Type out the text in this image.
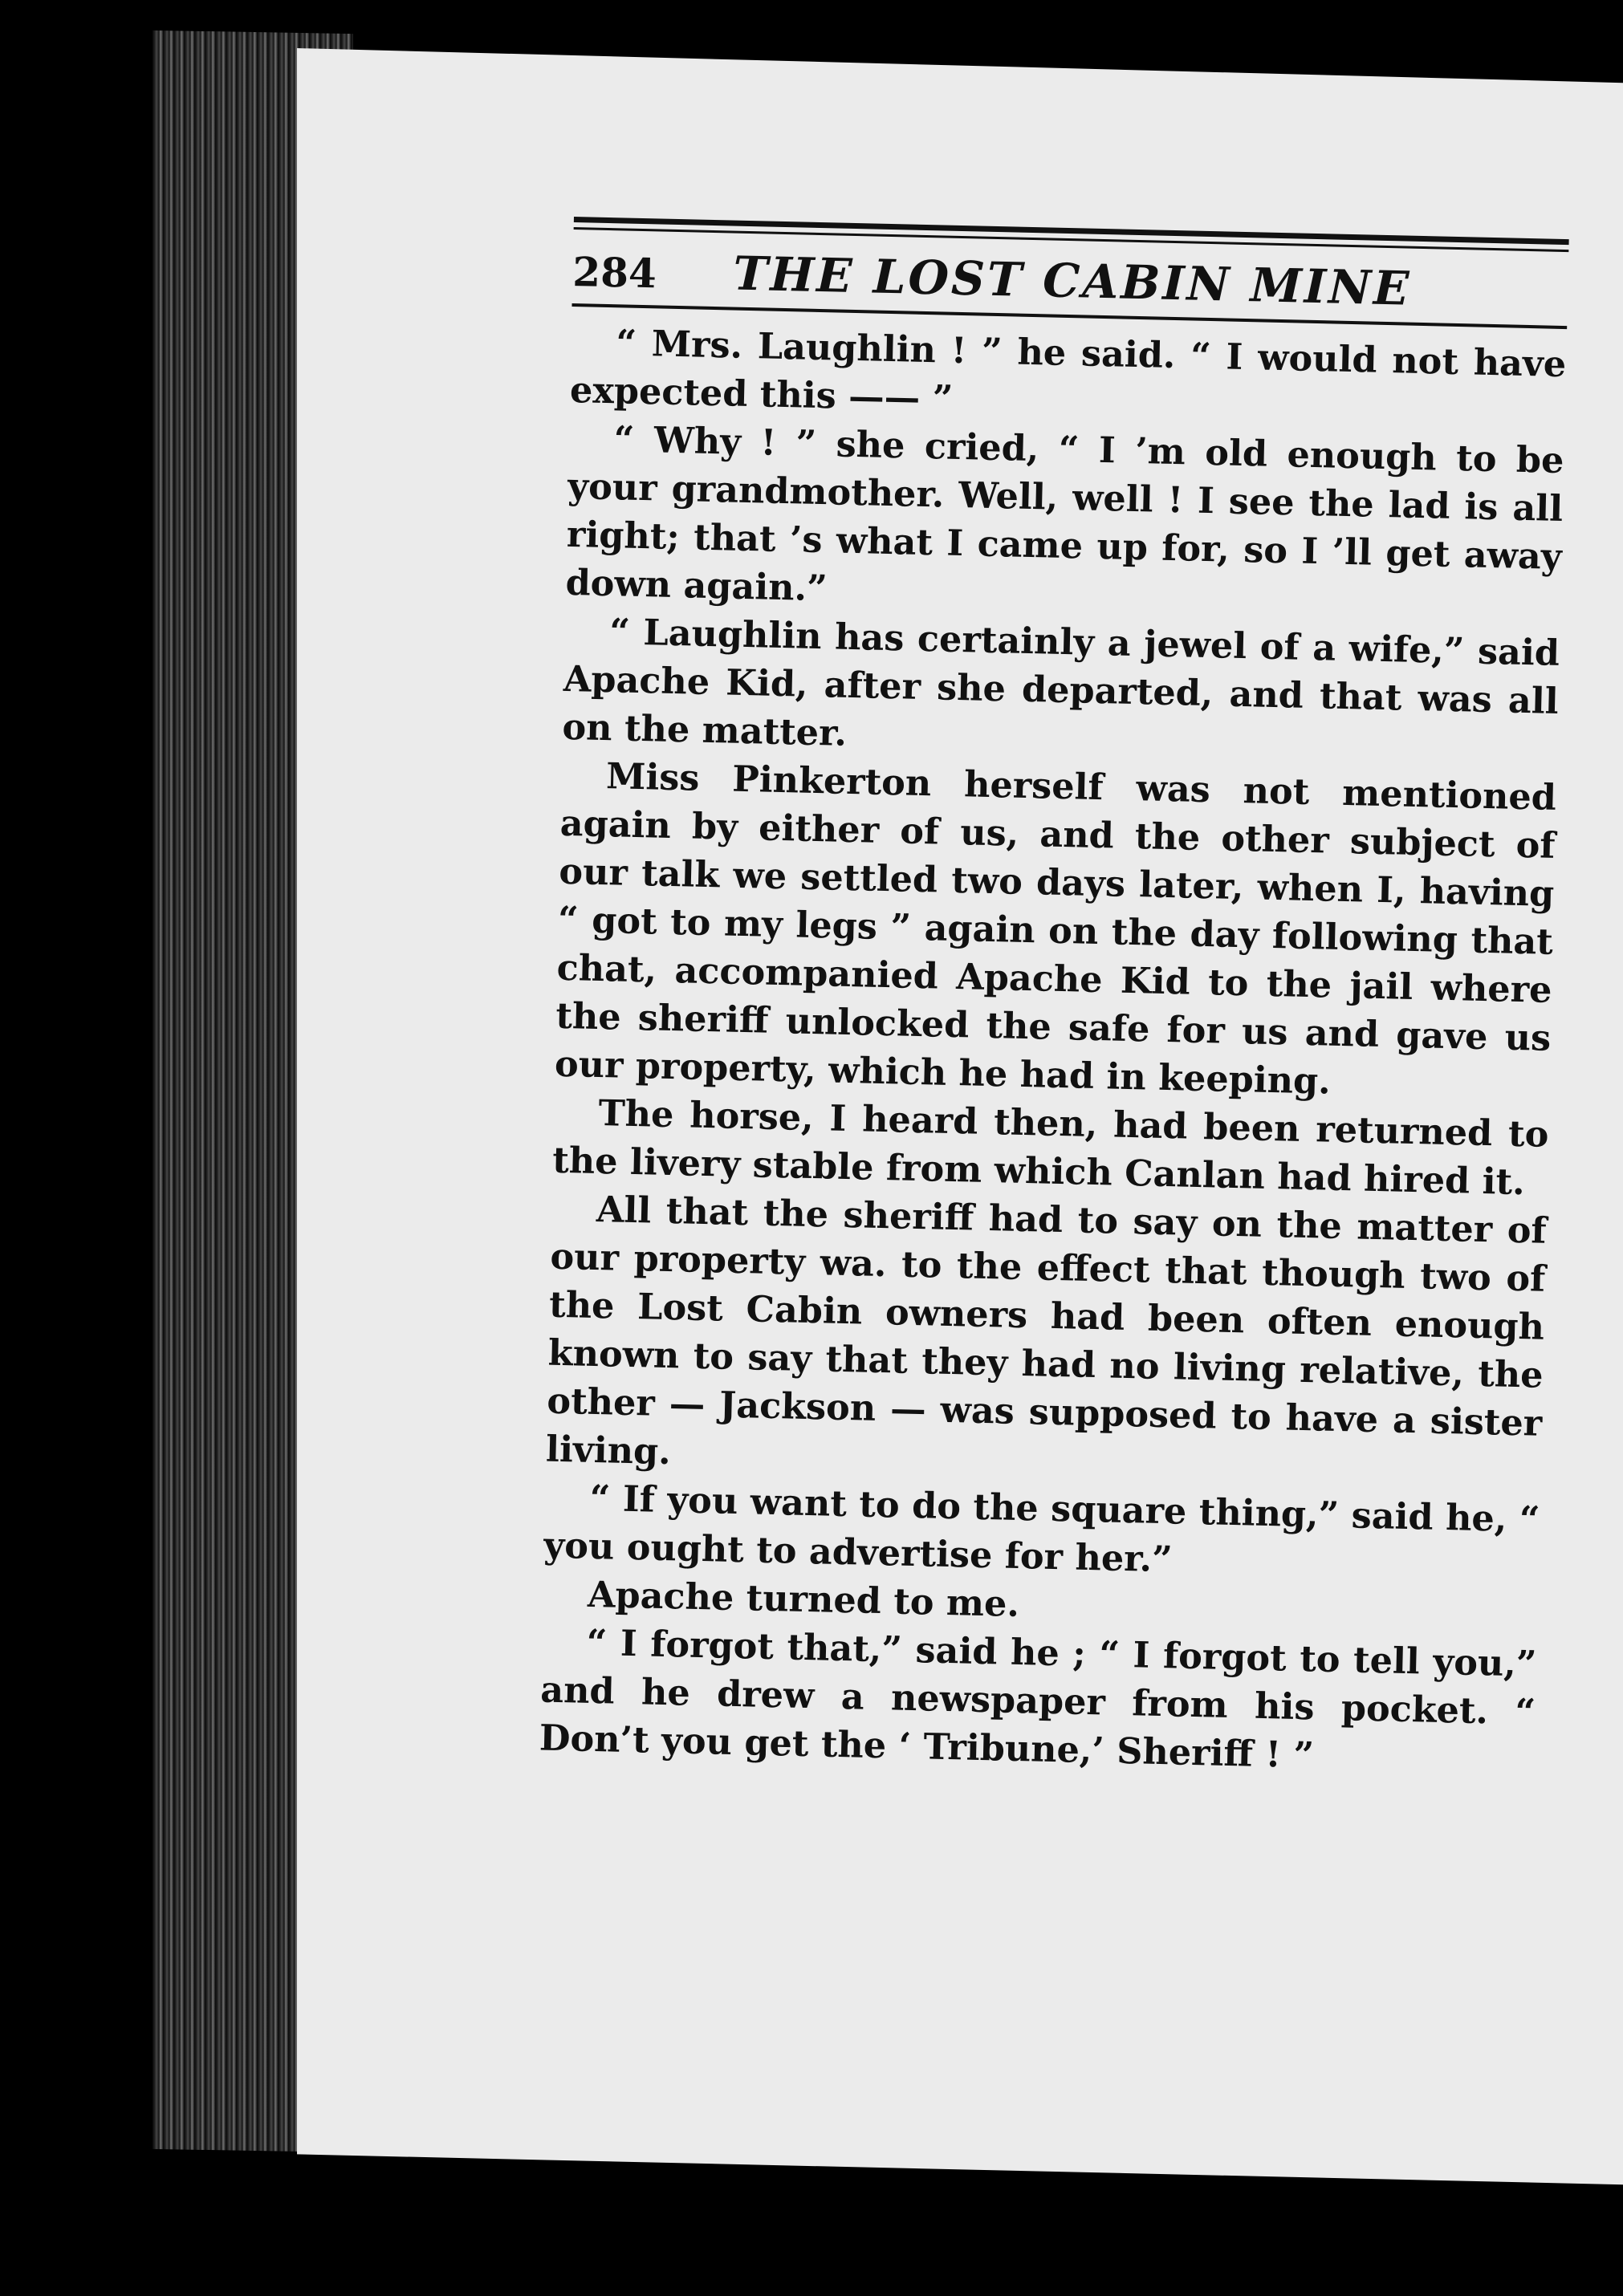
284	THE LOST CABIN MINE

“ Mrs. Laughlin ! ” he said. “ I would not have expected this —— ”

“ Why ! ” she cried, “ I ’m old enough to be your grandmother. Well, well ! I see the lad is all right; that ’s what I came up for, so I ’ll get away down again.”

“ Laughlin has certainly a jewel of a wife,” said Apache Kid, after she departed, and that was all on the matter.

Miss Pinkerton herself was not mentioned again by either of us, and the other subject of our talk we settled two days later, when I, having “ got to my legs ” again on the day following that chat, accompanied Apache Kid to the jail where the sheriff unlocked the safe for us and gave us our property, which he had in keeping.

The horse, I heard then, had been returned to the livery stable from which Canlan had hired it.

All that the sheriff had to say on the matter of our property wa. to the effect that though two of the Lost Cabin owners had been often enough known to say that they had no living relative, the other — Jackson — was supposed to have a sister living.

“ If you want to do the square thing,” said he, “ you ought to advertise for her.”

Apache turned to me.

“ I forgot that,” said he ; “ I forgot to tell you,” and he drew a newspaper from his pocket. “ Don’t you get the ‘ Tribune,’ Sheriff ! ”
